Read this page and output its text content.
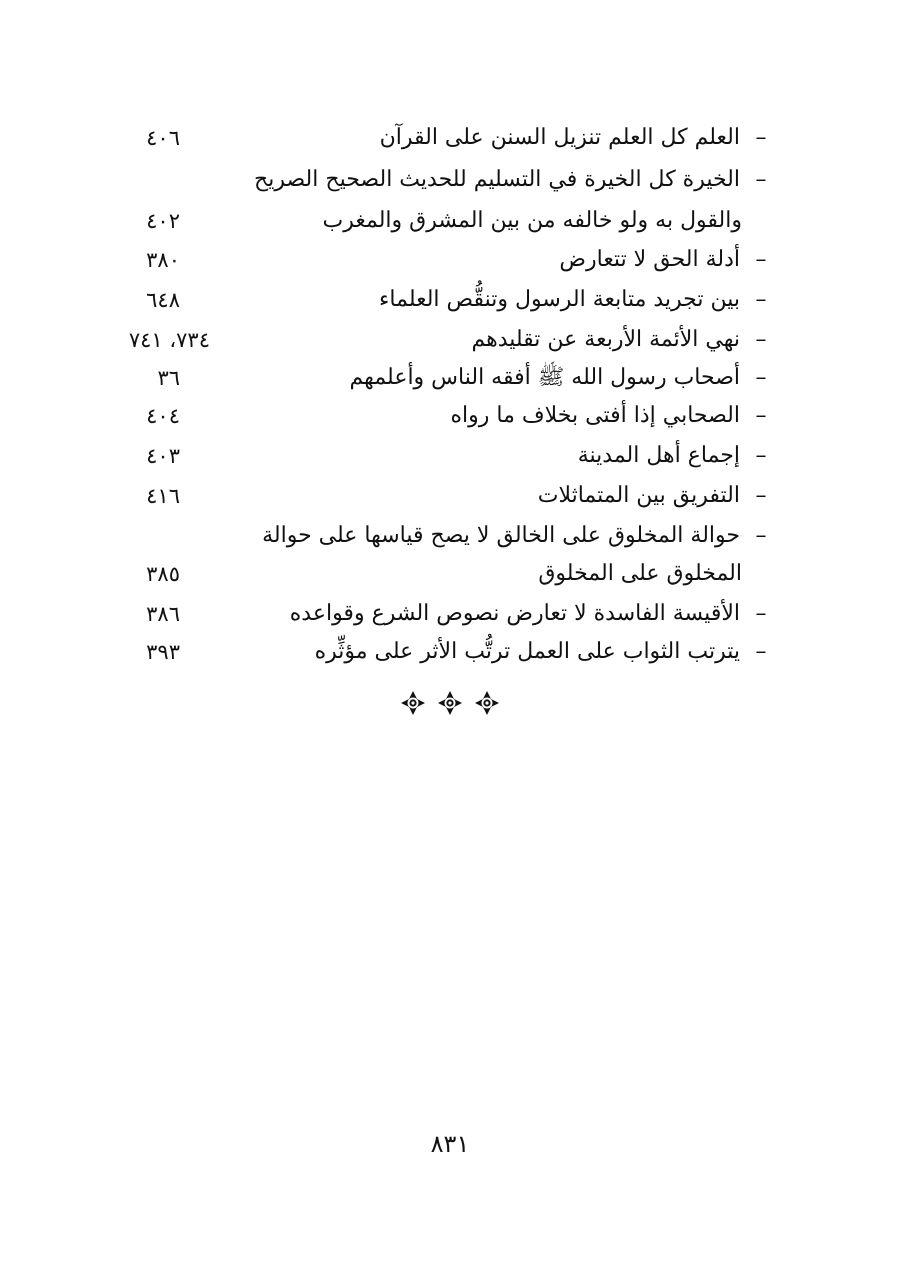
–
العلم كل العلم تنزيل السنن على القرآن
٤٠٦
–
الخيرة كل الخيرة في التسليم للحديث الصحيح الصريح
والقول به ولو خالفه من بين المشرق والمغرب
٤٠٢
–
أدلة الحق لا تتعارض
٣٨٠
–
بين تجريد متابعة الرسول وتنقُّص العلماء
٦٤٨
–
نهي الأئمة الأربعة عن تقليدهم
٧٣٤، ٧٤١
–
أصحاب رسول الله ﷺ أفقه الناس وأعلمهم
٣٦
–
الصحابي إذا أفتى بخلاف ما رواه
٤٠٤
–
إجماع أهل المدينة
٤٠٣
–
التفريق بين المتماثلات
٤١٦
–
حوالة المخلوق على الخالق لا يصح قياسها على حوالة
المخلوق على المخلوق
٣٨٥
–
الأقيسة الفاسدة لا تعارض نصوص الشرع وقواعده
٣٨٦
–
يترتب الثواب على العمل ترتُّب الأثر على مؤثِّره
٣٩٣
٨٣١
